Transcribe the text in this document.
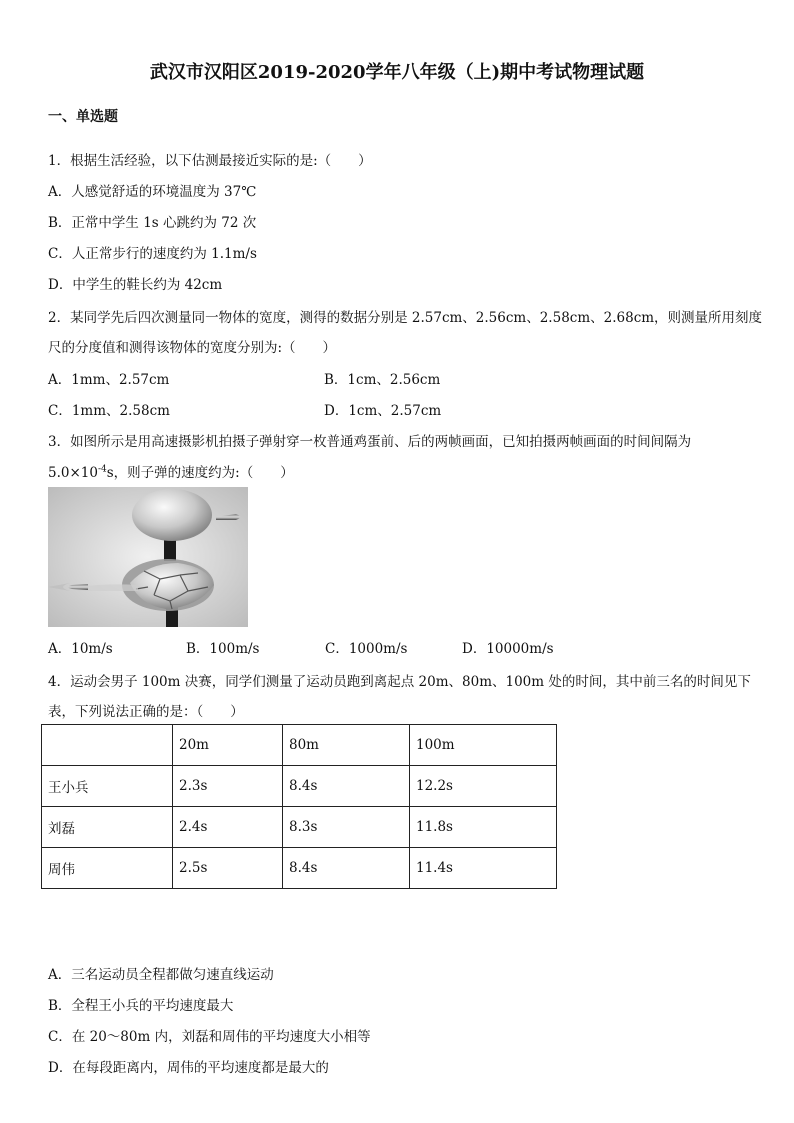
武汉市汉阳区2019-2020学年八年级（上)期中考试物理试题
一、单选题
1．根据生活经验，以下估测最接近实际的是:（　　）
A．人感觉舒适的环境温度为 37℃
B．正常中学生 1s 心跳约为 72 次
C．人正常步行的速度约为 1.1m/s
D．中学生的鞋长约为 42cm
2．某同学先后四次测量同一物体的宽度，测得的数据分别是 2.57cm、2.56cm、2.58cm、2.68cm，则测量所用刻度
尺的分度值和测得该物体的宽度分别为:（　　）
A．1mm、2.57cm	B．1cm、2.56cm
C．1mm、2.58cm	D．1cm、2.57cm
3．如图所示是用高速摄影机拍摄子弹射穿一枚普通鸡蛋前、后的两帧画面，已知拍摄两帧画面的时间间隔为
$5.0\times 10^{-4}s$，则子弹的速度约为:（　　）
A．10m/s	B．100m/s	C．1000m/s	D．10000m/s
4．运动会男子 100m 决赛，同学们测量了运动员跑到离起点 20m、80m、100m 处的时间，其中前三名的时间见下
表，下列说法正确的是：（　　）
	20m	80m	100m
王小兵	2.3s	8.4s	12.2s
刘磊	2.4s	8.3s	11.8s
周伟	2.5s	8.4s	11.4s
A．三名运动员全程都做匀速直线运动
B．全程王小兵的平均速度最大
C．在 20～80m 内，刘磊和周伟的平均速度大小相等
D．在每段距离内，周伟的平均速度都是最大的
